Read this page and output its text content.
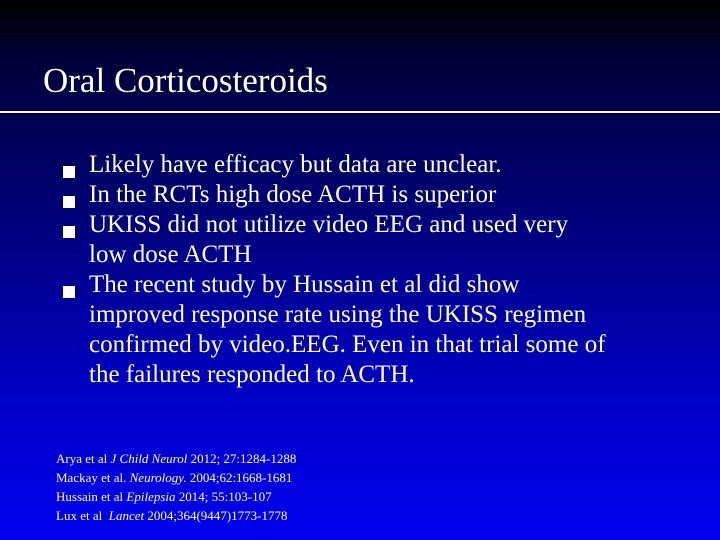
Oral Corticosteroids
Likely have efficacy but data are unclear.
In the RCTs high dose ACTH is superior
UKISS did not utilize video EEG and used very
low dose ACTH
The recent study by Hussain et al did show
improved response rate using the UKISS regimen
confirmed by video.EEG. Even in that trial some of
the failures responded to ACTH.
Arya et al J Child Neurol 2012; 27:1284-1288
Mackay et al. Neurology. 2004;62:1668-1681
Hussain et al Epilepsia 2014; 55:103-107
Lux et al  Lancet 2004;364(9447)1773-1778
